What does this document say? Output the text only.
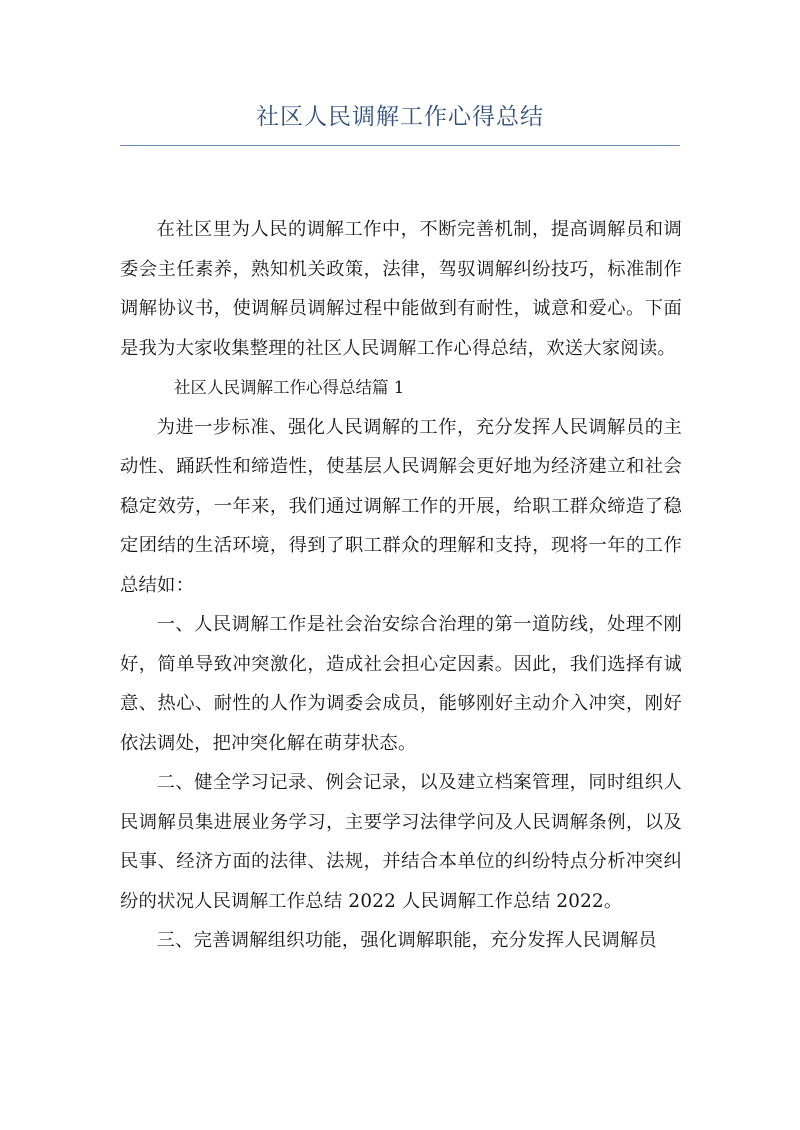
社区人民调解工作心得总结

在社区里为人民的调解工作中，不断完善机制，提高调解员和调委会主任素养，熟知机关政策，法律，驾驭调解纠纷技巧，标准制作调解协议书，使调解员调解过程中能做到有耐性，诚意和爱心。下面是我为大家收集整理的社区人民调解工作心得总结，欢送大家阅读。

社区人民调解工作心得总结篇 1

为进一步标准、强化人民调解的工作，充分发挥人民调解员的主动性、踊跃性和缔造性，使基层人民调解会更好地为经济建立和社会稳定效劳，一年来，我们通过调解工作的开展，给职工群众缔造了稳定团结的生活环境，得到了职工群众的理解和支持，现将一年的工作总结如：

一、人民调解工作是社会治安综合治理的第一道防线，处理不刚好，简单导致冲突激化，造成社会担心定因素。因此，我们选择有诚意、热心、耐性的人作为调委会成员，能够刚好主动介入冲突，刚好依法调处，把冲突化解在萌芽状态。

二、健全学习记录、例会记录，以及建立档案管理，同时组织人民调解员集进展业务学习，主要学习法律学问及人民调解条例，以及民事、经济方面的法律、法规，并结合本单位的纠纷特点分析冲突纠纷的状况人民调解工作总结 2022 人民调解工作总结 2022。

三、完善调解组织功能，强化调解职能，充分发挥人民调解员
